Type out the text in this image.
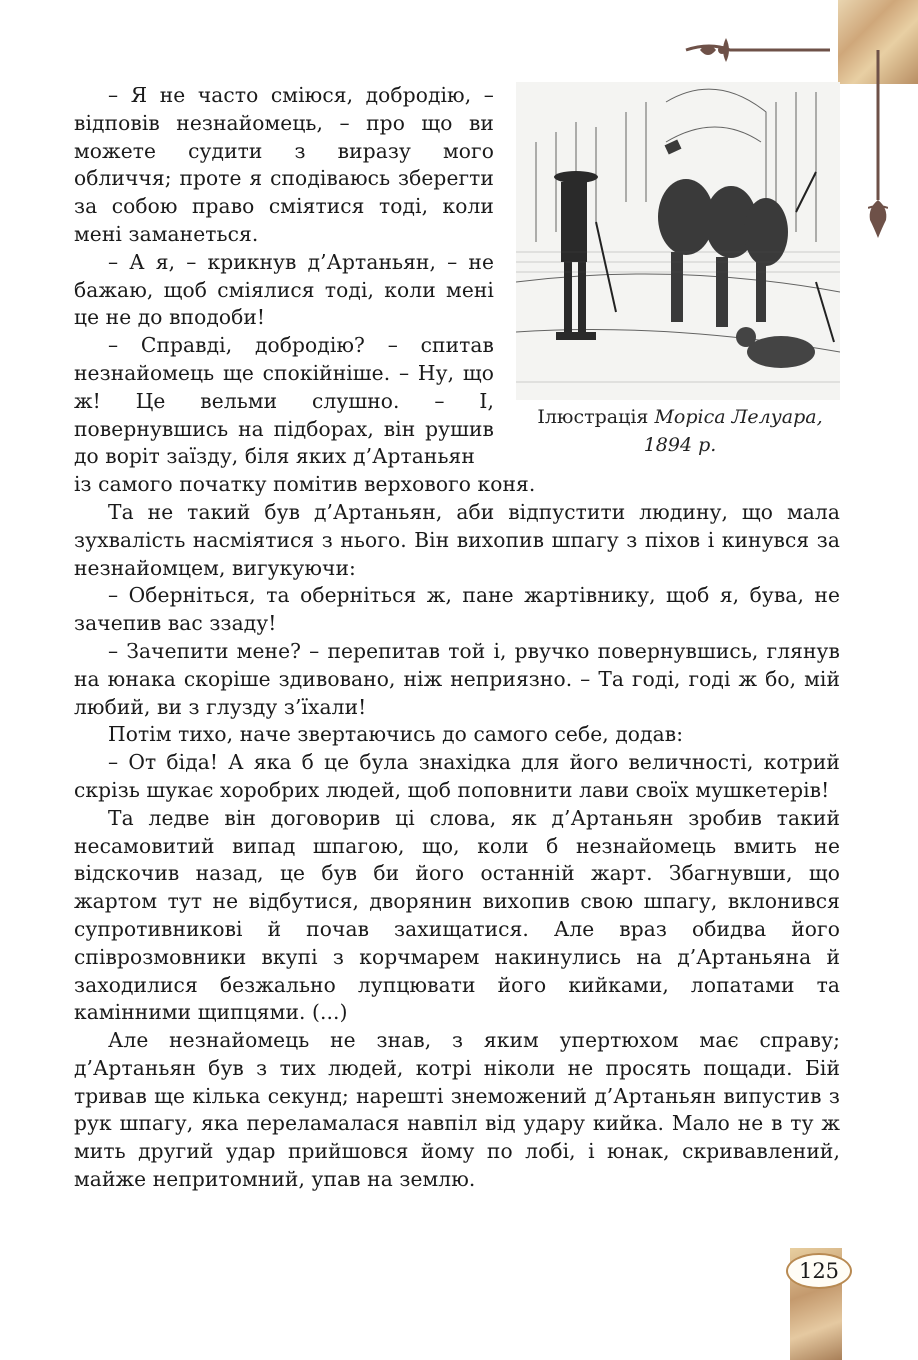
Ілюстрація Моріса Лелуара, 1894 р.

– Я не часто сміюся, добродію, – відповів незнайомець, – про що ви можете судити з виразу мого обличчя; проте я сподіваюсь зберегти за собою право сміятися тоді, коли мені заманеться.

– А я, – крикнув д’Артаньян, – не бажаю, щоб сміялися тоді, коли мені це не до вподоби!

– Справді, добродію? – спитав незнайомець ще спокійніше. – Ну, що ж! Це вельми слушно. – І, повернувшись на підборах, він рушив до воріт заїзду, біля яких д’Артаньян

із самого початку помітив верхового коня.

Та не такий був д’Артаньян, аби відпустити людину, що мала зухвалість насміятися з нього. Він вихопив шпагу з піхов і кинувся за незнайомцем, вигукуючи:

– Оберніться, та оберніться ж, пане жартівнику, щоб я, бува, не зачепив вас ззаду!

– Зачепити мене? – перепитав той і, рвучко повернувшись, глянув на юнака скоріше здивовано, ніж неприязно. – Та годі, годі ж бо, мій любий, ви з глузду з’їхали!

Потім тихо, наче звертаючись до самого себе, додав:

– От біда! А яка б це була знахідка для його величності, котрий скрізь шукає хоробрих людей, щоб поповнити лави своїх мушкетерів!

Та ледве він договорив ці слова, як д’Артаньян зробив такий несамовитий випад шпагою, що, коли б незнайомець вмить не відскочив назад, це був би його останній жарт. Збагнувши, що жартом тут не відбутися, дворянин вихопив свою шпагу, вклонився супротивникові й почав захищатися. Але враз обидва його співрозмовники вкупі з корчмарем накинулись на д’Артаньяна й заходилися безжально лупцювати його кийками, лопатами та камінними щипцями. (...)

Але незнайомець не знав, з яким упертюхом має справу; д’Артаньян був з тих людей, котрі ніколи не просять пощади. Бій тривав ще кілька секунд; нарешті знеможений д’Артаньян випустив з рук шпагу, яка переламалася навпіл від удару кийка. Мало не в ту ж мить другий удар прийшовся йому по лобі, і юнак, скривавлений, майже непритомний, упав на землю.

125
